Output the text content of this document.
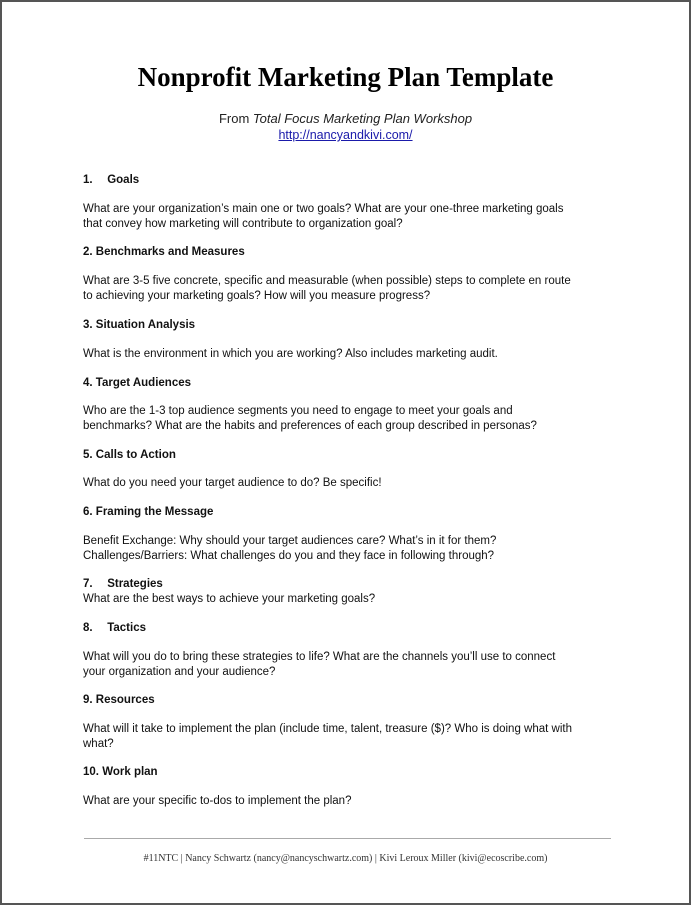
Nonprofit Marketing Plan Template
From Total Focus Marketing Plan Workshop
http://nancyandkivi.com/
1. Goals
What are your organization’s main one or two goals? What are your one-three marketing goals
that convey how marketing will contribute to organization goal?
2. Benchmarks and Measures
What are 3-5 five concrete, specific and measurable (when possible) steps to complete en route
to achieving your marketing goals? How will you measure progress?
3. Situation Analysis
What is the environment in which you are working? Also includes marketing audit.
4. Target Audiences
Who are the 1-3 top audience segments you need to engage to meet your goals and
benchmarks? What are the habits and preferences of each group described in personas?
5. Calls to Action
What do you need your target audience to do? Be specific!
6. Framing the Message
Benefit Exchange: Why should your target audiences care? What’s in it for them?
Challenges/Barriers: What challenges do you and they face in following through?
7. Strategies
What are the best ways to achieve your marketing goals?
8. Tactics
What will you do to bring these strategies to life? What are the channels you’ll use to connect
your organization and your audience?
9. Resources
What will it take to implement the plan (include time, talent, treasure ($)? Who is doing what with
what?
10. Work plan
What are your specific to-dos to implement the plan?
#11NTC | Nancy Schwartz (nancy@nancyschwartz.com) | Kivi Leroux Miller (kivi@ecoscribe.com)
